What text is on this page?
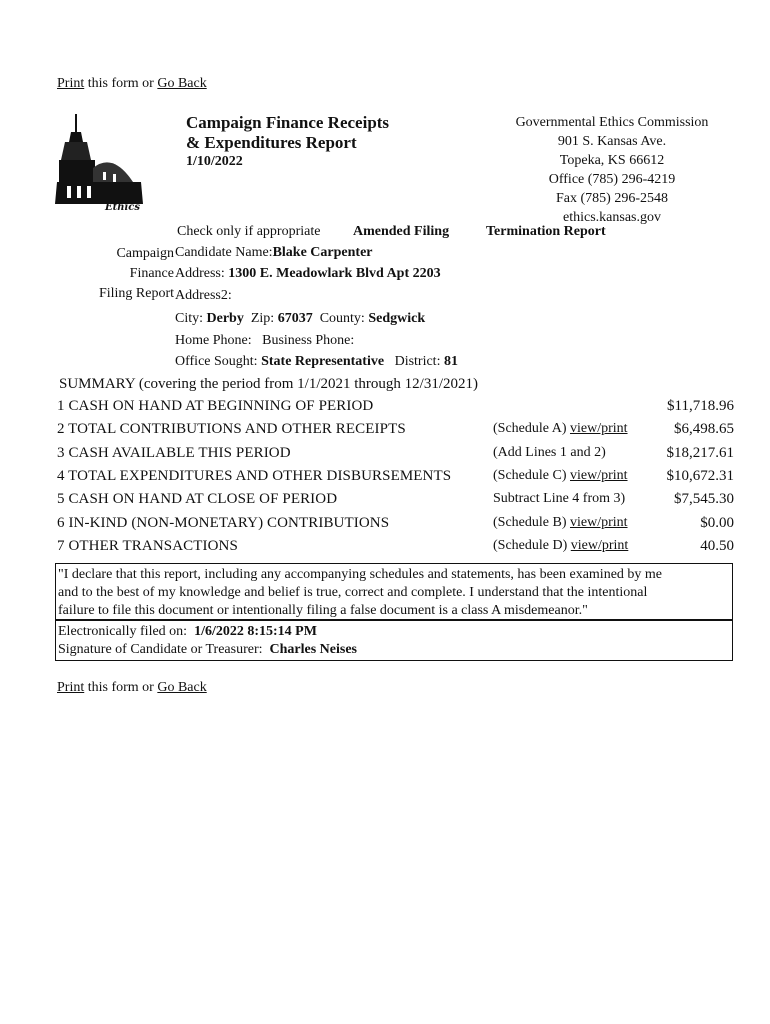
Print this form or Go Back
Ethics
Campaign Finance Receipts
& Expenditures Report
1/10/2022
Governmental Ethics Commission
901 S. Kansas Ave.
Topeka, KS 66612
Office (785) 296-4219
Fax (785) 296-2548
ethics.kansas.gov
Check only if appropriate Amended Filing	Termination Report
Campaign
Finance
Filing Report
Candidate Name:Blake Carpenter
Address: 1300 E. Meadowlark Blvd Apt 2203
Address2:
City: Derby Zip: 67037 County: Sedgwick
Home Phone: Business Phone:
Office Sought: State Representative District: 81
SUMMARY (covering the period from 1/1/2021 through 12/31/2021)
1 CASH ON HAND AT BEGINNING OF PERIOD	$11,718.96
2 TOTAL CONTRIBUTIONS AND OTHER RECEIPTS	(Schedule A) view/print	$6,498.65
3 CASH AVAILABLE THIS PERIOD	(Add Lines 1 and 2)	$18,217.61
4 TOTAL EXPENDITURES AND OTHER DISBURSEMENTS	(Schedule C) view/print	$10,672.31
5 CASH ON HAND AT CLOSE OF PERIOD	Subtract Line 4 from 3)	$7,545.30
6 IN-KIND (NON-MONETARY) CONTRIBUTIONS	(Schedule B) view/print	$0.00
7 OTHER TRANSACTIONS	(Schedule D) view/print	40.50
"I declare that this report, including any accompanying schedules and statements, has been examined by me
and to the best of my knowledge and belief is true, correct and complete. I understand that the intentional
failure to file this document or intentionally filing a false document is a class A misdemeanor."
Electronically filed on: 1/6/2022 8:15:14 PM
Signature of Candidate or Treasurer: Charles Neises
Print this form or Go Back
